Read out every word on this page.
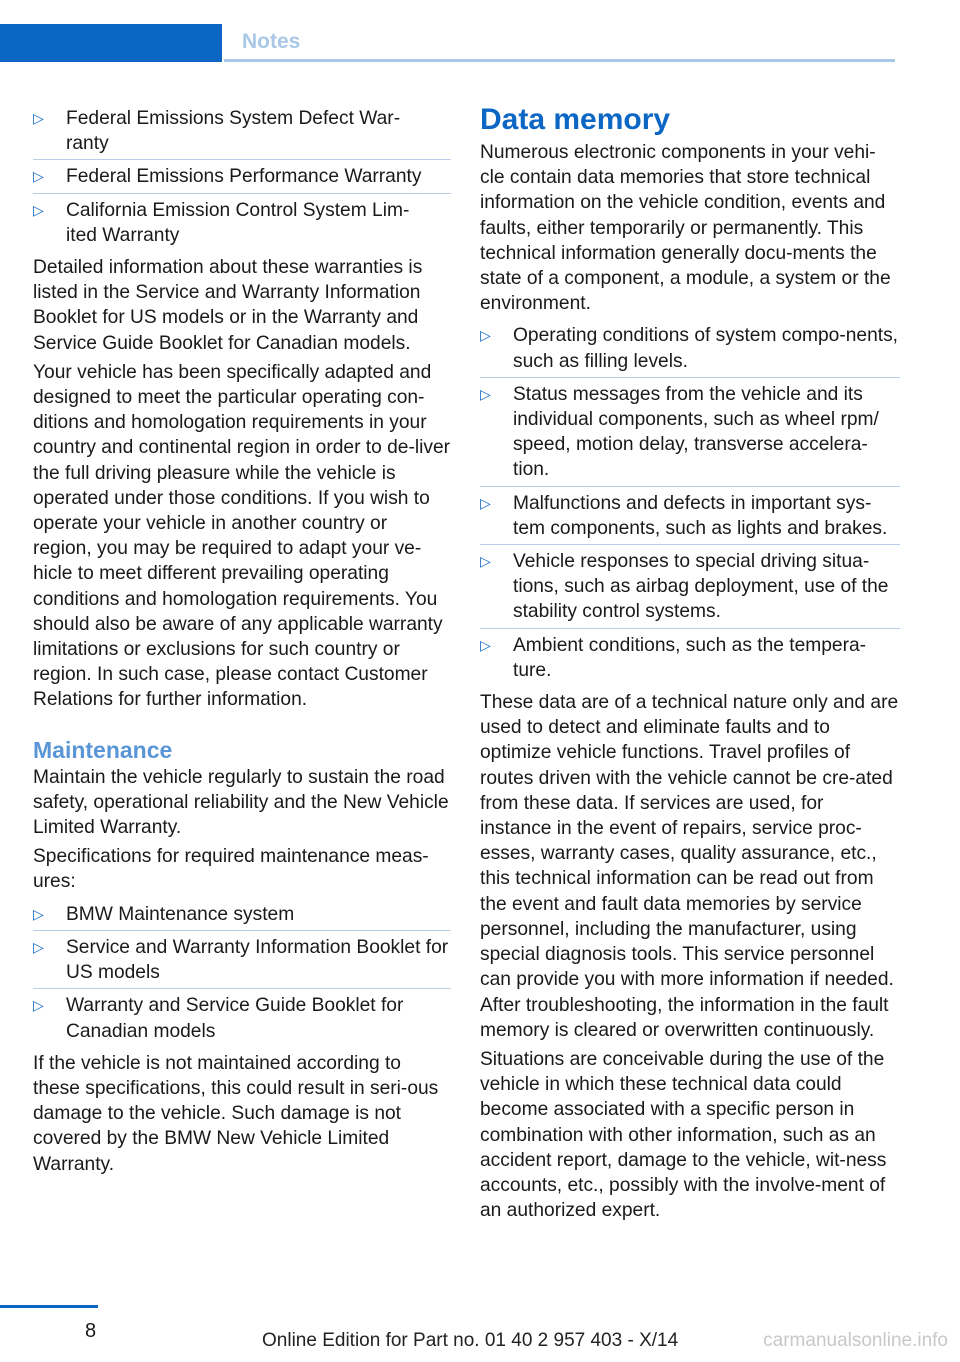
Notes
▷ Federal Emissions System Defect War-
ranty
▷ Federal Emissions Performance Warranty
▷ California Emission Control System Lim-
ited Warranty

Detailed information about these warranties is listed in the Service and Warranty Information Booklet for US models or in the Warranty and Service Guide Booklet for Canadian models.

Your vehicle has been specifically adapted and designed to meet the particular operating con-ditions and homologation requirements in your country and continental region in order to de-liver the full driving pleasure while the vehicle is operated under those conditions. If you wish to operate your vehicle in another country or region, you may be required to adapt your ve-hicle to meet different prevailing operating conditions and homologation requirements. You should also be aware of any applicable warranty limitations or exclusions for such country or region. In such case, please contact Customer Relations for further information.

Maintenance

Maintain the vehicle regularly to sustain the road safety, operational reliability and the New Vehicle Limited Warranty.

Specifications for required maintenance meas-ures:

▷ BMW Maintenance system
▷ Service and Warranty Information Booklet for US models
▷ Warranty and Service Guide Booklet for Canadian models

If the vehicle is not maintained according to these specifications, this could result in seri-ous damage to the vehicle. Such damage is not covered by the BMW New Vehicle Limited Warranty.

Data memory

Numerous electronic components in your vehi-cle contain data memories that store technical information on the vehicle condition, events and faults, either temporarily or permanently. This technical information generally docu-ments the state of a component, a module, a system or the environment.

▷ Operating conditions of system compo-nents, such as filling levels.
▷ Status messages from the vehicle and its individual components, such as wheel rpm/ speed, motion delay, transverse accelera-tion.
▷ Malfunctions and defects in important sys-tem components, such as lights and brakes.
▷ Vehicle responses to special driving situa-tions, such as airbag deployment, use of the stability control systems.
▷ Ambient conditions, such as the tempera-ture.

These data are of a technical nature only and are used to detect and eliminate faults and to optimize vehicle functions. Travel profiles of routes driven with the vehicle cannot be cre-ated from these data. If services are used, for instance in the event of repairs, service proc-esses, warranty cases, quality assurance, etc., this technical information can be read out from the event and fault data memories by service personnel, including the manufacturer, using special diagnosis tools. This service personnel can provide you with more information if needed. After troubleshooting, the information in the fault memory is cleared or overwritten continuously.

Situations are conceivable during the use of the vehicle in which these technical data could become associated with a specific person in combination with other information, such as an accident report, damage to the vehicle, wit-ness accounts, etc., possibly with the involve-ment of an authorized expert.

8	Online Edition for Part no. 01 40 2 957 403 - X/14	carmanualsonline.info
